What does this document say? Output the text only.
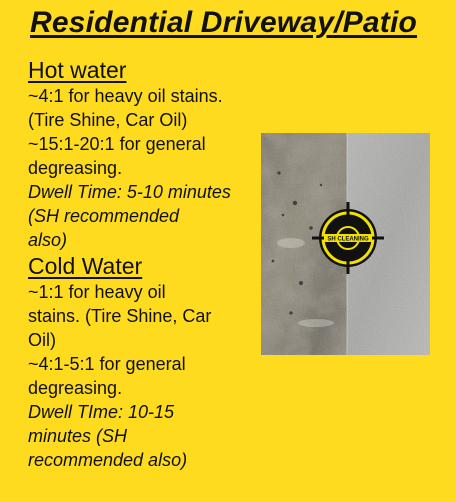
Residential Driveway/Patio
Hot water
~4:1 for heavy oil stains.
(Tire Shine, Car Oil)
~15:1-20:1 for general
degreasing.
Dwell Time: 5-10 minutes
(SH recommended
also)
Cold Water
~1:1 for heavy oil
stains. (Tire Shine, Car
Oil)
~4:1-5:1 for general
degreasing.
Dwell TIme: 10-15
minutes (SH
recommended also)
SH CLEANING
